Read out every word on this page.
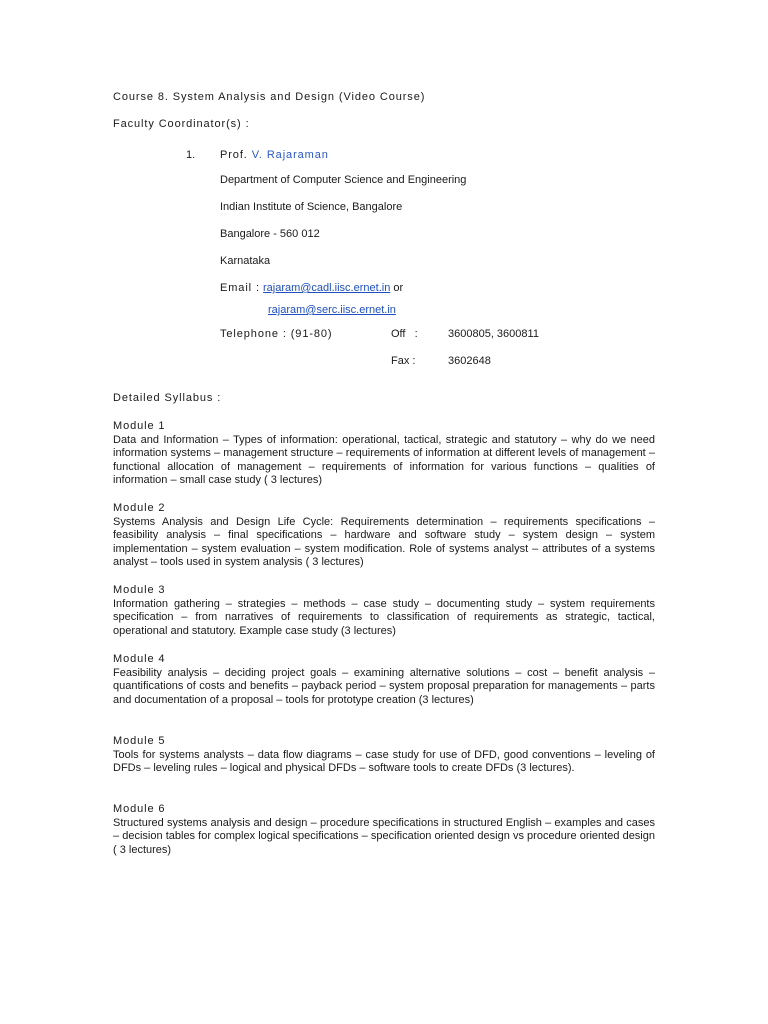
Course 8. System Analysis and Design (Video Course)
Faculty Coordinator(s) :
1. Prof. V. Rajaraman
Department of Computer Science and Engineering
Indian Institute of Science, Bangalore
Bangalore - 560 012
Karnataka
Email : rajaram@cadl.iisc.ernet.in or
rajaram@serc.iisc.ernet.in
Telephone : (91-80)	Off   :	3600805, 3600811
Fax :	3602648
Detailed Syllabus :
Module 1
Data and Information – Types of information: operational, tactical, strategic and statutory – why do we need information systems – management structure – requirements of information at different levels of management – functional allocation of management – requirements of information for various functions – qualities of information – small case study ( 3 lectures)
Module 2
Systems Analysis and Design Life Cycle: Requirements determination – requirements specifications – feasibility analysis – final specifications – hardware and software study – system design – system implementation – system evaluation – system modification. Role of systems analyst – attributes of a systems analyst – tools used in system analysis ( 3 lectures)
Module 3
Information gathering – strategies – methods – case study – documenting study – system requirements specification – from narratives of requirements to classification of requirements as strategic, tactical, operational and statutory. Example case study (3 lectures)
Module 4
Feasibility analysis – deciding project goals – examining alternative solutions – cost – benefit analysis – quantifications of costs and benefits – payback period – system proposal preparation for managements – parts and documentation of a proposal – tools for prototype creation (3 lectures)
Module 5
Tools for systems analysts – data flow diagrams – case study for use of DFD, good conventions – leveling of DFDs – leveling rules – logical and physical DFDs – software tools to create DFDs (3 lectures).
Module 6
Structured systems analysis and design – procedure specifications in structured English – examples and cases – decision tables for complex logical specifications – specification oriented design vs procedure oriented design ( 3 lectures)
